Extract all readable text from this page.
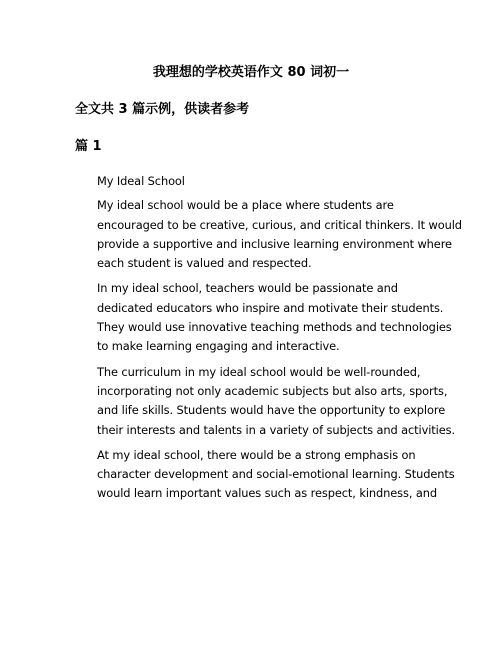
我理想的学校英语作文 80 词初一
全文共 3 篇示例，供读者参考
篇 1

My Ideal School

My ideal school would be a place where students are
encouraged to be creative, curious, and critical thinkers. It would
provide a supportive and inclusive learning environment where
each student is valued and respected.

In my ideal school, teachers would be passionate and
dedicated educators who inspire and motivate their students.
They would use innovative teaching methods and technologies
to make learning engaging and interactive.

The curriculum in my ideal school would be well-rounded,
incorporating not only academic subjects but also arts, sports,
and life skills. Students would have the opportunity to explore
their interests and talents in a variety of subjects and activities.

At my ideal school, there would be a strong emphasis on
character development and social-emotional learning. Students
would learn important values such as respect, kindness, and
